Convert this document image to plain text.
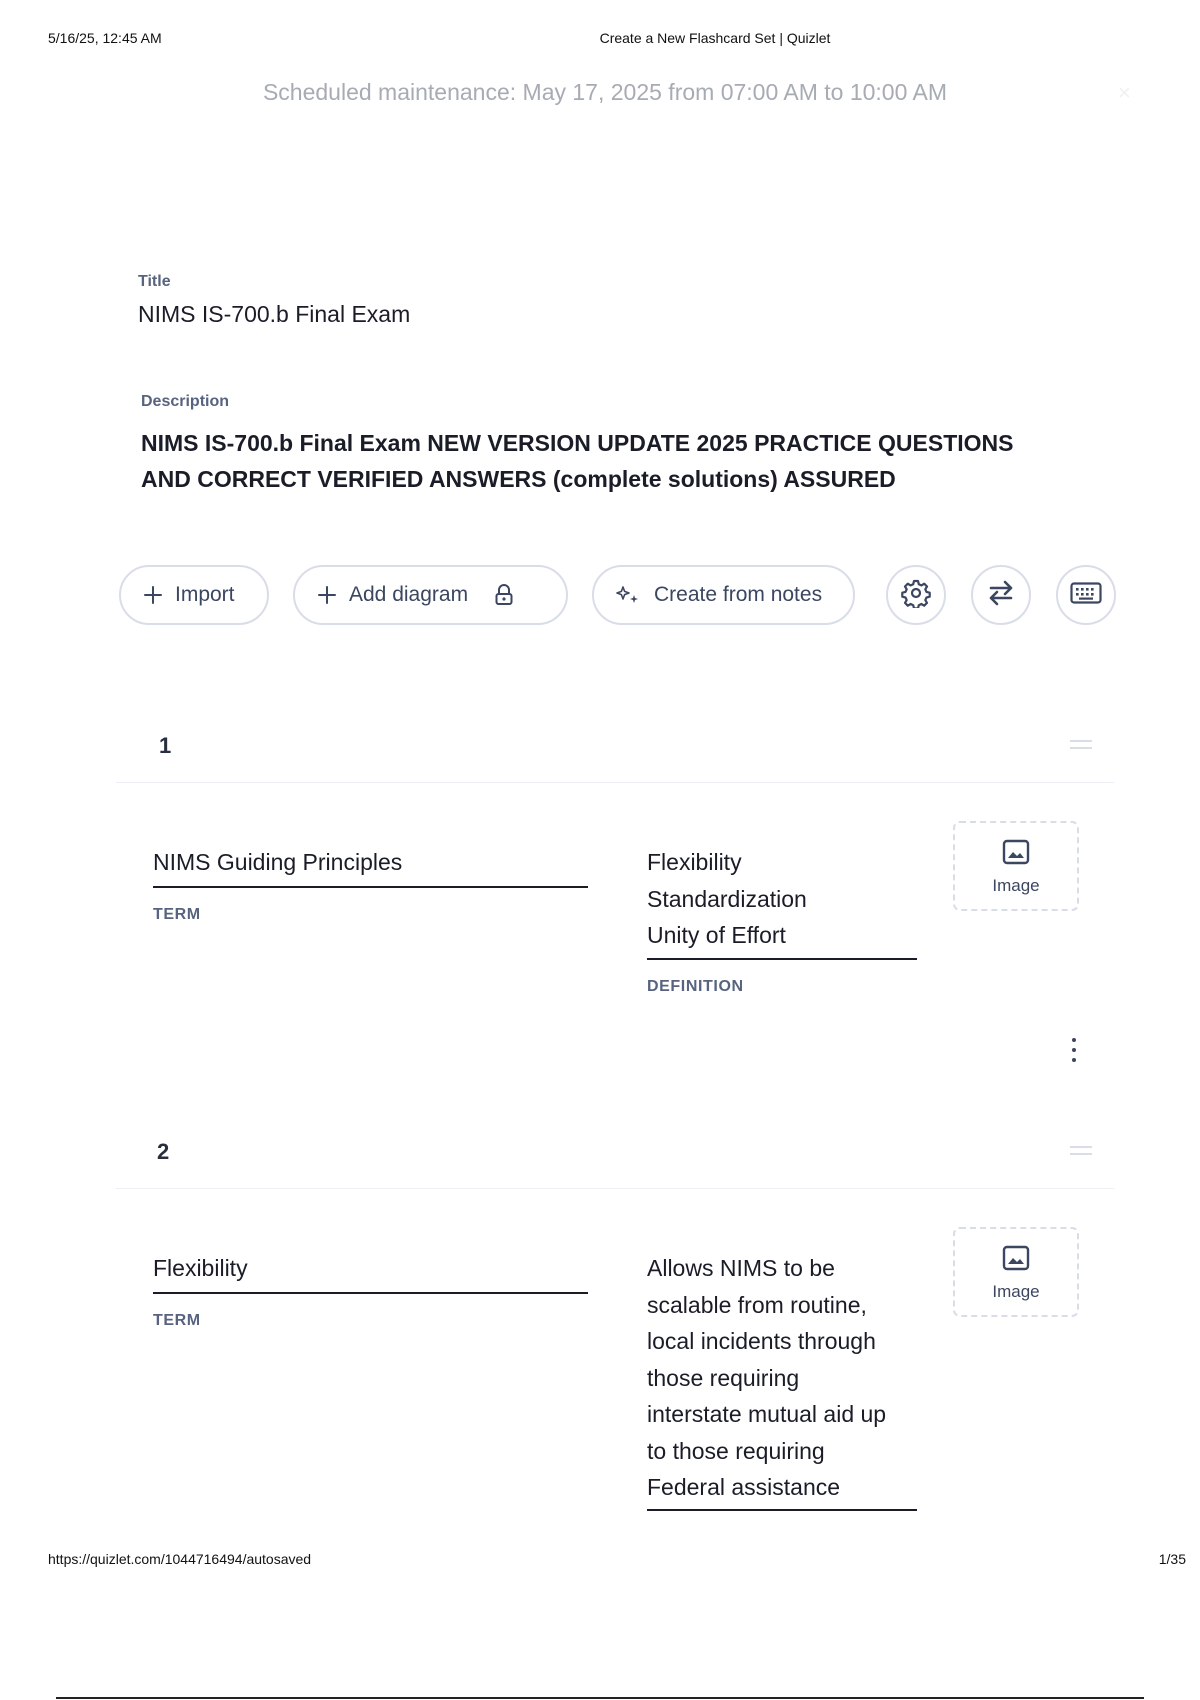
5/16/25, 12:45 AM	Create a New Flashcard Set | Quizlet
Scheduled maintenance: May 17, 2025 from 07:00 AM to 10:00 AM	×
Title
NIMS IS-700.b Final Exam
Description
NIMS IS-700.b Final Exam NEW VERSION UPDATE 2025 PRACTICE QUESTIONS AND CORRECT VERIFIED ANSWERS (complete solutions) ASSURED
Import	Add diagram	Create from notes
1
NIMS Guiding Principles
TERM
Flexibility
Standardization
Unity of Effort
DEFINITION
Image
2
Flexibility
TERM
Allows NIMS to be
scalable from routine,
local incidents through
those requiring
interstate mutual aid up
to those requiring
Federal assistance
Image
https://quizlet.com/1044716494/autosaved	1/35
